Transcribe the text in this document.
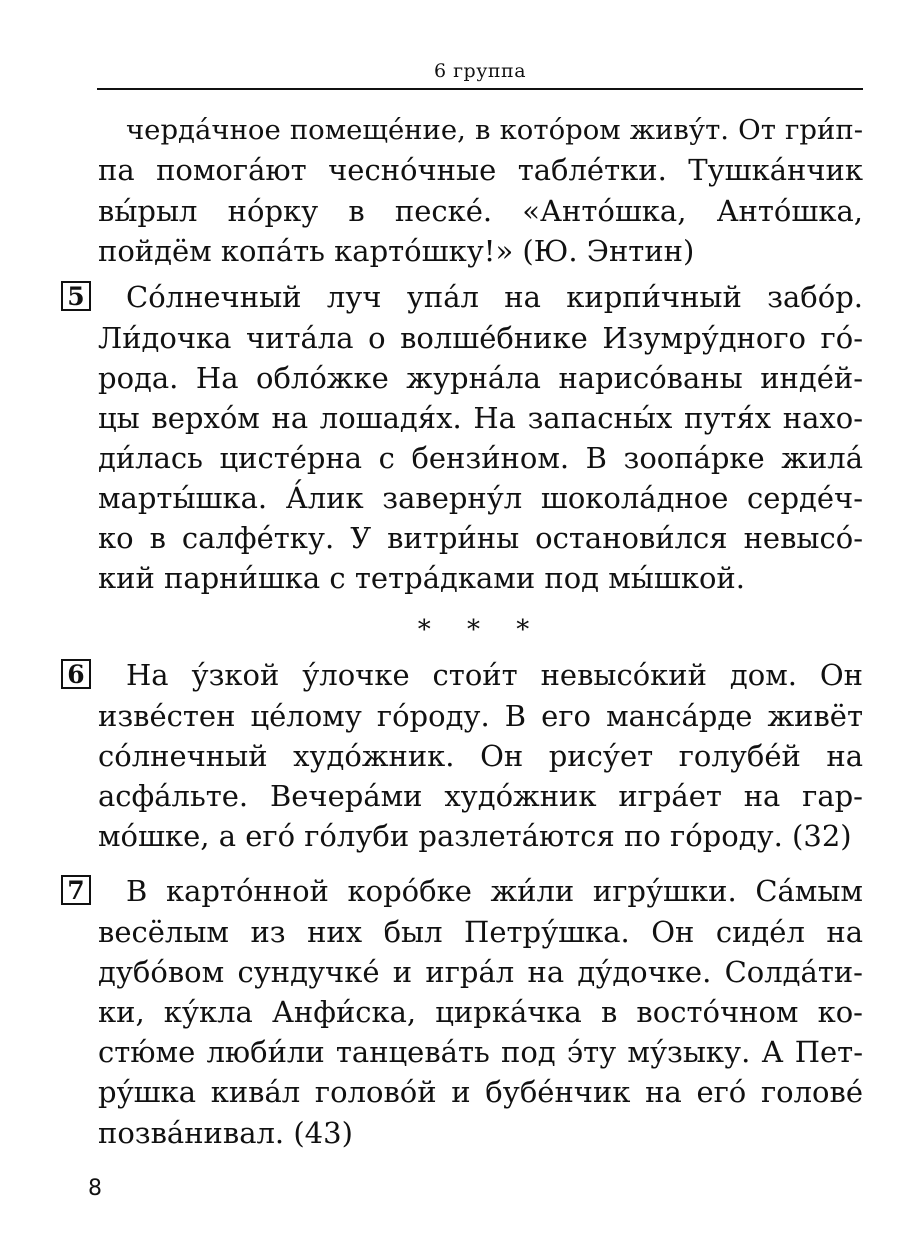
6 группа
черда́чное помеще́ние, в кото́ром живу́т. От гри́п-
па помога́ют чесно́чные табле́тки. Тушка́нчик
вы́рыл но́рку в песке́. «Анто́шка, Анто́шка,
пойдём копа́ть карто́шку!» (Ю. Энтин)
5 Со́лнечный луч упа́л на кирпи́чный забо́р.
Ли́дочка чита́ла о волше́бнике Изумру́дного го́-
рода. На обло́жке журна́ла нарисо́ваны инде́й-
цы верхо́м на лошадя́х. На запасны́х путя́х нахо-
ди́лась цисте́рна с бензи́ном. В зоопа́рке жила́
марты́шка. А́лик заверну́л шокола́дное серде́ч-
ко в салфе́тку. У витри́ны останови́лся невысо́-
кий парни́шка с тетра́дками под мы́шкой.
* * *
6 На у́зкой у́лочке стои́т невысо́кий дом. Он
изве́стен це́лому го́роду. В его манса́рде живёт
со́лнечный худо́жник. Он рису́ет голубе́й на
асфа́льте. Вечера́ми худо́жник игра́ет на гар-
мо́шке, а его́ го́луби разлета́ются по го́роду. (32)
7 В карто́нной коро́бке жи́ли игру́шки. Са́мым
весёлым из них был Петру́шка. Он сиде́л на
дубо́вом сундучке́ и игра́л на ду́дочке. Солда́ти-
ки, ку́кла Анфи́ска, цирка́чка в восто́чном ко-
стю́ме люби́ли танцева́ть под э́ту му́зыку. А Пет-
ру́шка кива́л голово́й и бубе́нчик на его́ голове́
позва́нивал. (43)
8
